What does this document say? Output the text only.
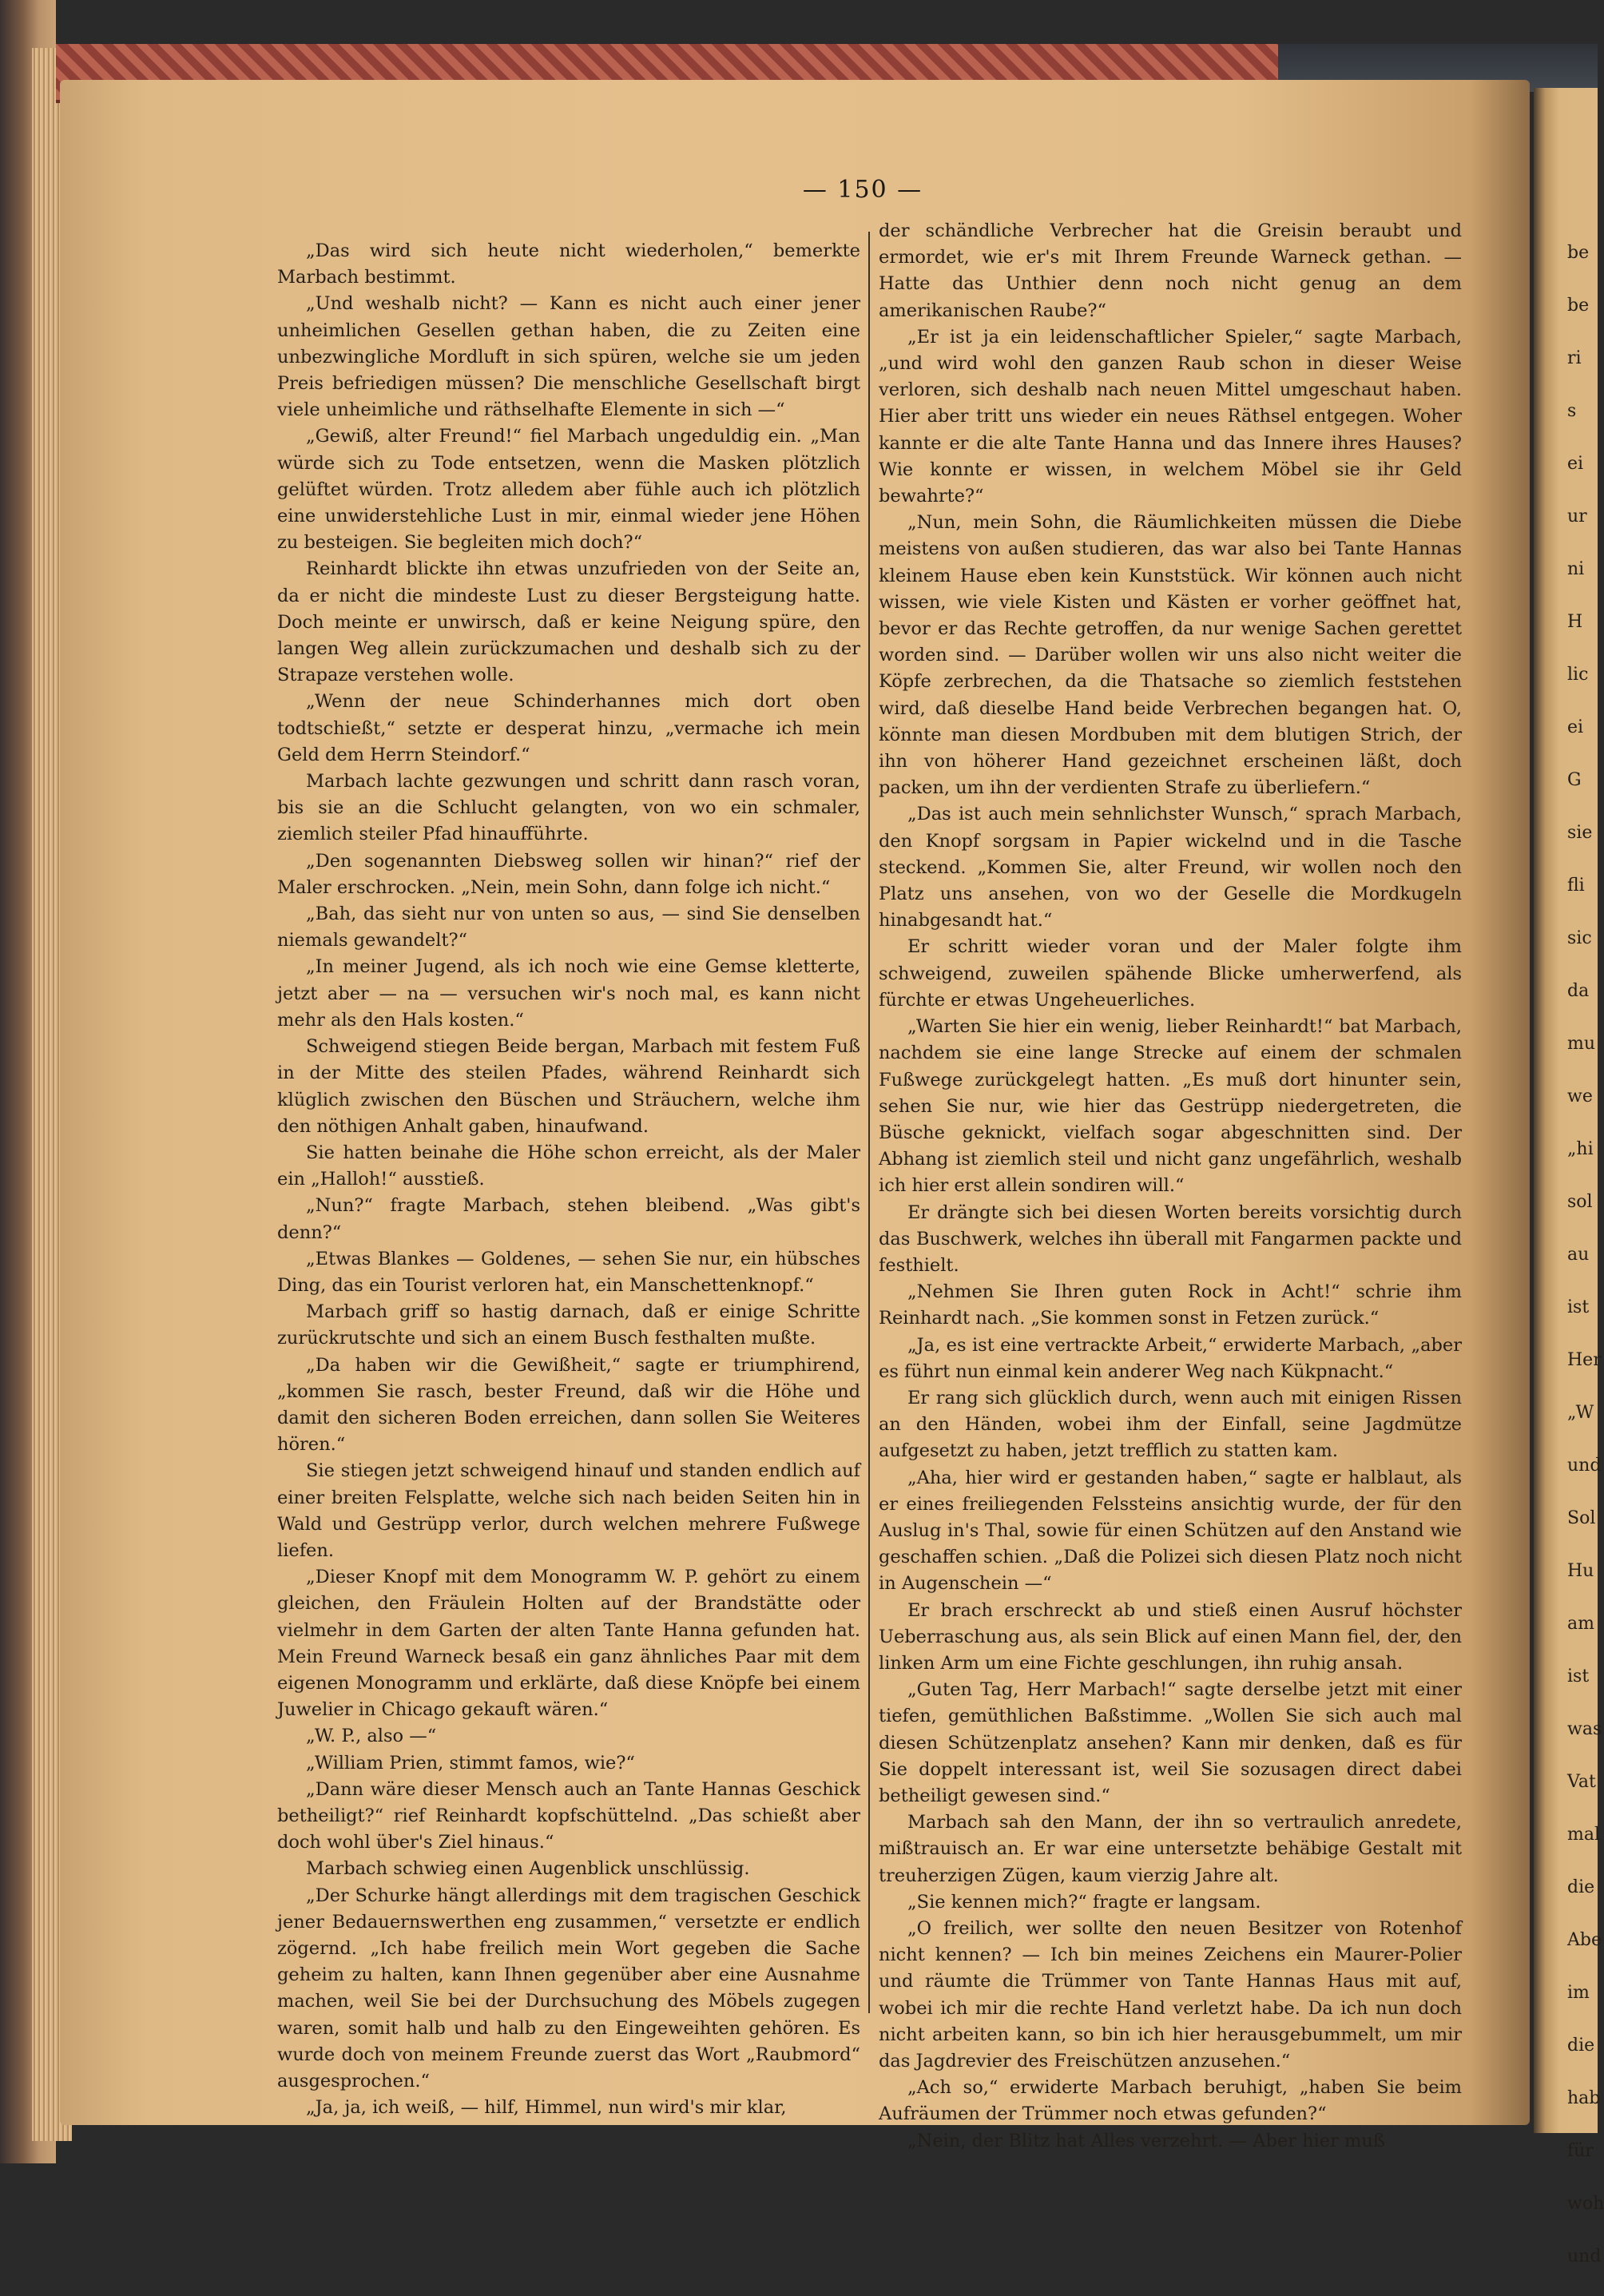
— 150 —

„Das wird sich heute nicht wiederholen,“ bemerkte Marbach bestimmt.

„Und weshalb nicht? — Kann es nicht auch einer jener unheimlichen Gesellen gethan haben, die zu Zeiten eine unbezwingliche Mordluft in sich spüren, welche sie um jeden Preis befriedigen müssen? Die menschliche Gesellschaft birgt viele unheimliche und räthselhafte Elemente in sich —“

„Gewiß, alter Freund!“ fiel Marbach ungeduldig ein. „Man würde sich zu Tode entsetzen, wenn die Masken plötzlich gelüftet würden. Trotz alledem aber fühle auch ich plötzlich eine unwiderstehliche Lust in mir, einmal wieder jene Höhen zu besteigen. Sie begleiten mich doch?“

Reinhardt blickte ihn etwas unzufrieden von der Seite an, da er nicht die mindeste Lust zu dieser Bergsteigung hatte. Doch meinte er unwirsch, daß er keine Neigung spüre, den langen Weg allein zurückzumachen und deshalb sich zu der Strapaze verstehen wolle.

„Wenn der neue Schinderhannes mich dort oben todtschießt,“ setzte er desperat hinzu, „vermache ich mein Geld dem Herrn Steindorf.“

Marbach lachte gezwungen und schritt dann rasch voran, bis sie an die Schlucht gelangten, von wo ein schmaler, ziemlich steiler Pfad hinaufführte.

„Den sogenannten Diebsweg sollen wir hinan?“ rief der Maler erschrocken. „Nein, mein Sohn, dann folge ich nicht.“

„Bah, das sieht nur von unten so aus, — sind Sie denselben niemals gewandelt?“

„In meiner Jugend, als ich noch wie eine Gemse kletterte, jetzt aber — na — versuchen wir's noch mal, es kann nicht mehr als den Hals kosten.“

Schweigend stiegen Beide bergan, Marbach mit festem Fuß in der Mitte des steilen Pfades, während Reinhardt sich klüglich zwischen den Büschen und Sträuchern, welche ihm den nöthigen Anhalt gaben, hinaufwand.

Sie hatten beinahe die Höhe schon erreicht, als der Maler ein „Halloh!“ ausstieß.

„Nun?“ fragte Marbach, stehen bleibend. „Was gibt's denn?“

„Etwas Blankes — Goldenes, — sehen Sie nur, ein hübsches Ding, das ein Tourist verloren hat, ein Manschettenknopf.“

Marbach griff so hastig darnach, daß er einige Schritte zurückrutschte und sich an einem Busch festhalten mußte.

„Da haben wir die Gewißheit,“ sagte er triumphirend, „kommen Sie rasch, bester Freund, daß wir die Höhe und damit den sicheren Boden erreichen, dann sollen Sie Weiteres hören.“

Sie stiegen jetzt schweigend hinauf und standen endlich auf einer breiten Felsplatte, welche sich nach beiden Seiten hin in Wald und Gestrüpp verlor, durch welchen mehrere Fußwege liefen.

„Dieser Knopf mit dem Monogramm W. P. gehört zu einem gleichen, den Fräulein Holten auf der Brandstätte oder vielmehr in dem Garten der alten Tante Hanna gefunden hat. Mein Freund Warneck besaß ein ganz ähnliches Paar mit dem eigenen Monogramm und erklärte, daß diese Knöpfe bei einem Juwelier in Chicago gekauft wären.“

„W. P., also —“

„William Prien, stimmt famos, wie?“

„Dann wäre dieser Mensch auch an Tante Hannas Geschick betheiligt?“ rief Reinhardt kopfschüttelnd. „Das schießt aber doch wohl über's Ziel hinaus.“

Marbach schwieg einen Augenblick unschlüssig.

„Der Schurke hängt allerdings mit dem tragischen Geschick jener Bedauernswerthen eng zusammen,“ versetzte er endlich zögernd. „Ich habe freilich mein Wort gegeben die Sache geheim zu halten, kann Ihnen gegenüber aber eine Ausnahme machen, weil Sie bei der Durchsuchung des Möbels zugegen waren, somit halb und halb zu den Eingeweihten gehören. Es wurde doch von meinem Freunde zuerst das Wort „Raubmord“ ausgesprochen.“

„Ja, ja, ich weiß, — hilf, Himmel, nun wird's mir klar,

der schändliche Verbrecher hat die Greisin beraubt und ermordet, wie er's mit Ihrem Freunde Warneck gethan. — Hatte das Unthier denn noch nicht genug an dem amerikanischen Raube?“

„Er ist ja ein leidenschaftlicher Spieler,“ sagte Marbach, „und wird wohl den ganzen Raub schon in dieser Weise verloren, sich deshalb nach neuen Mittel umgeschaut haben. Hier aber tritt uns wieder ein neues Räthsel entgegen. Woher kannte er die alte Tante Hanna und das Innere ihres Hauses? Wie konnte er wissen, in welchem Möbel sie ihr Geld bewahrte?“

„Nun, mein Sohn, die Räumlichkeiten müssen die Diebe meistens von außen studieren, das war also bei Tante Hannas kleinem Hause eben kein Kunststück. Wir können auch nicht wissen, wie viele Kisten und Kästen er vorher geöffnet hat, bevor er das Rechte getroffen, da nur wenige Sachen gerettet worden sind. — Darüber wollen wir uns also nicht weiter die Köpfe zerbrechen, da die Thatsache so ziemlich feststehen wird, daß dieselbe Hand beide Verbrechen begangen hat. O, könnte man diesen Mordbuben mit dem blutigen Strich, der ihn von höherer Hand gezeichnet erscheinen läßt, doch packen, um ihn der verdienten Strafe zu überliefern.“

„Das ist auch mein sehnlichster Wunsch,“ sprach Marbach, den Knopf sorgsam in Papier wickelnd und in die Tasche steckend. „Kommen Sie, alter Freund, wir wollen noch den Platz uns ansehen, von wo der Geselle die Mordkugeln hinabgesandt hat.“

Er schritt wieder voran und der Maler folgte ihm schweigend, zuweilen spähende Blicke umherwerfend, als fürchte er etwas Ungeheuerliches.

„Warten Sie hier ein wenig, lieber Reinhardt!“ bat Marbach, nachdem sie eine lange Strecke auf einem der schmalen Fußwege zurückgelegt hatten. „Es muß dort hinunter sein, sehen Sie nur, wie hier das Gestrüpp niedergetreten, die Büsche geknickt, vielfach sogar abgeschnitten sind. Der Abhang ist ziemlich steil und nicht ganz ungefährlich, weshalb ich hier erst allein sondiren will.“

Er drängte sich bei diesen Worten bereits vorsichtig durch das Buschwerk, welches ihn überall mit Fangarmen packte und festhielt.

„Nehmen Sie Ihren guten Rock in Acht!“ schrie ihm Reinhardt nach. „Sie kommen sonst in Fetzen zurück.“

„Ja, es ist eine vertrackte Arbeit,“ erwiderte Marbach, „aber es führt nun einmal kein anderer Weg nach Kükpnacht.“

Er rang sich glücklich durch, wenn auch mit einigen Rissen an den Händen, wobei ihm der Einfall, seine Jagdmütze aufgesetzt zu haben, jetzt trefflich zu statten kam.

„Aha, hier wird er gestanden haben,“ sagte er halblaut, als er eines freiliegenden Felssteins ansichtig wurde, der für den Auslug in's Thal, sowie für einen Schützen auf den Anstand wie geschaffen schien. „Daß die Polizei sich diesen Platz noch nicht in Augenschein —“

Er brach erschreckt ab und stieß einen Ausruf höchster Ueberraschung aus, als sein Blick auf einen Mann fiel, der, den linken Arm um eine Fichte geschlungen, ihn ruhig ansah.

„Guten Tag, Herr Marbach!“ sagte derselbe jetzt mit einer tiefen, gemüthlichen Baßstimme. „Wollen Sie sich auch mal diesen Schützenplatz ansehen? Kann mir denken, daß es für Sie doppelt interessant ist, weil Sie sozusagen direct dabei betheiligt gewesen sind.“

Marbach sah den Mann, der ihn so vertraulich anredete, mißtrauisch an. Er war eine untersetzte behäbige Gestalt mit treuherzigen Zügen, kaum vierzig Jahre alt.

„Sie kennen mich?“ fragte er langsam.

„O freilich, wer sollte den neuen Besitzer von Rotenhof nicht kennen? — Ich bin meines Zeichens ein Maurer-Polier und räumte die Trümmer von Tante Hannas Haus mit auf, wobei ich mir die rechte Hand verletzt habe. Da ich nun doch nicht arbeiten kann, so bin ich hier herausgebummelt, um mir das Jagdrevier des Freischützen anzusehen.“

„Ach so,“ erwiderte Marbach beruhigt, „haben Sie beim Aufräumen der Trümmer noch etwas gefunden?“

„Nein, der Blitz hat Alles verzehrt. — Aber hier muß

be
be
ri
s
ei
ur
ni
H
lic
ei
G
sie
fli
sic
da
mu
we
„hi
sol
au
ist
Her
„W
und
Sol
Hu
am
ist
was
Vat
mal
die
Abe
im
die
hab
für
woh
und
